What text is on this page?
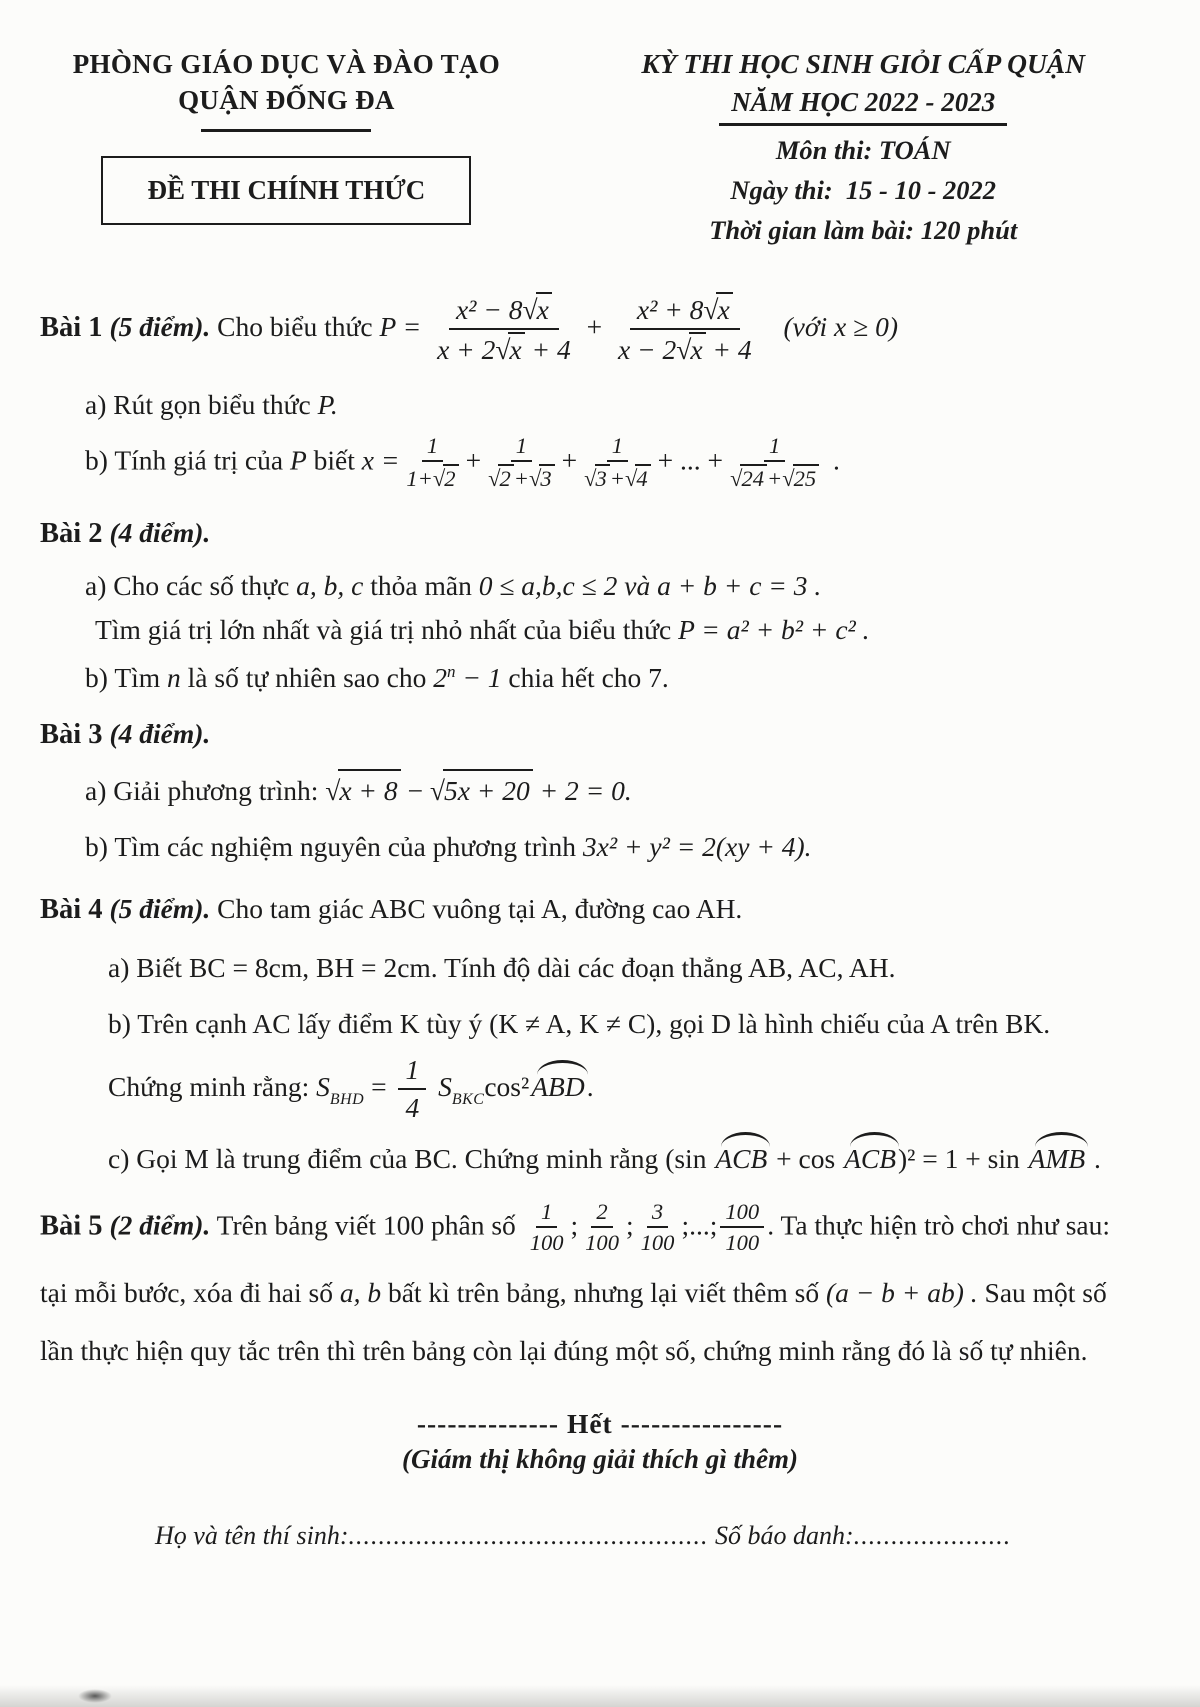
PHÒNG GIÁO DỤC VÀ ĐÀO TẠO
QUẬN ĐỐNG ĐA
ĐỀ THI CHÍNH THỨC
KỲ THI HỌC SINH GIỎI CẤP QUẬN
NĂM HỌC 2022 - 2023
Môn thi: TOÁN
Ngày thi:  15 - 10 - 2022
Thời gian làm bài: 120 phút

Bài 1 (5 điểm). Cho biểu thức $P = \frac{\text{x² − 8 √ x}}{x + 2 √ x + 4} + \frac{\text{x² + 8 √ x}}{x - 2 √ x + 4}$ (với x ≥ 0)

a) Rút gọn biểu thức P.

b) Tính giá trị của P biết $x = \frac{1}{1+ √ 2} + 1$
√ 2 + √ 3 + 1
√ 3 + √ 4 + ... + 1
√ 24 + √ 25 .

Bài 2 (4 điểm).

a) Cho các số thực a, b, c thỏa mãn 0 ≤ a,b,c ≤ 2 và a + b + c = 3 .

Tìm giá trị lớn nhất và giá trị nhỏ nhất của biểu thức P = a² + b² + c² .

b) Tìm n là số tự nhiên sao cho $2^n - 1$ chia hết cho 7.

Bài 3 (4 điểm).

a) Giải phương trình: √ x + 8 − √ 5x + 20 + 2 = 0.

b) Tìm các nghiệm nguyên của phương trình 3x² + y² = 2(xy + 4).

Bài 4 (5 điểm). Cho tam giác ABC vuông tại A, đường cao AH.

a) Biết BC = 8cm, BH = 2cm. Tính độ dài các đoạn thẳng AB, AC, AH.

b) Trên cạnh AC lấy điểm K tùy ý (K ≠ A, K ≠ C), gọi D là hình chiếu của A trên BK.

Chứng minh rằng: $S_{BHD} = \frac{1}{4} S_{BKC}\cos^2ABD$.

c) Gọi M là trung điểm của BC. Chứng minh rằng (sin ACB + cos ACB)² = 1 + sin AMB .

Bài 5 (2 điểm). Trên bảng viết 100 phân số $\frac{1}{100}$ ; $\frac{2}{100}$ ; $\frac{3}{100}$ ;...; $\frac{100}{100}$ . Ta thực hiện trò chơi như sau:

tại mỗi bước, xóa đi hai số a, b bất kì trên bảng, nhưng lại viết thêm số (a − b + ab) . Sau một số

lần thực hiện quy tắc trên thì trên bảng còn lại đúng một số, chứng minh rằng đó là số tự nhiên.

-------------- Hết ----------------
(Giám thị không giải thích gì thêm)
Họ và tên thí sinh:................................................ Số báo danh:.....................
